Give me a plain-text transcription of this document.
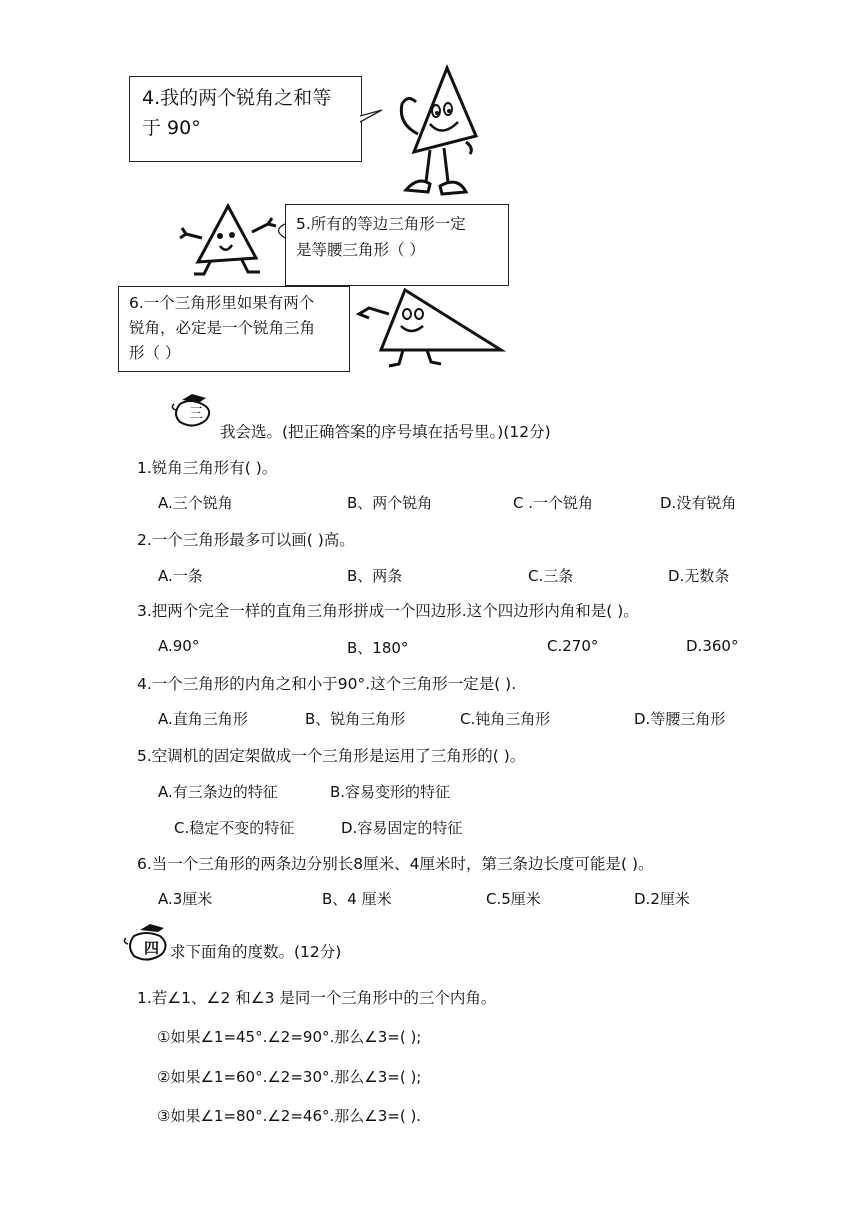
4.我的两个锐角之和等
于 90°
5.所有的等边三角形一定
是等腰三角形（ ）
6.一个三角形里如果有两个
锐角，必定是一个锐角三角
形（ ）
三
我会选。(把正确答案的序号填在括号里。)(12分)
1.锐角三角形有( )。
A.三个锐角	B、两个锐角	C .一个锐角	D.没有锐角
2.一个三角形最多可以画( )高。
A.一条	B、两条	C.三条	D.无数条
3.把两个完全一样的直角三角形拼成一个四边形.这个四边形内角和是( )。
A.90°	B、180°	C.270°	D.360°
4.一个三角形的内角之和小于90°.这个三角形一定是( ).
A.直角三角形	B、锐角三角形	C.钝角三角形	D.等腰三角形
5.空调机的固定架做成一个三角形是运用了三角形的( )。
A.有三条边的特征	B.容易变形的特征
C.稳定不变的特征	D.容易固定的特征
6.当一个三角形的两条边分别长8厘米、4厘米时，第三条边长度可能是( )。
A.3厘米	B、4 厘米	C.5厘米	D.2厘米
四 求下面角的度数。(12分)
1.若∠1、∠2 和∠3 是同一个三角形中的三个内角。
①如果∠1=45°.∠2=90°.那么∠3=( );
②如果∠1=60°.∠2=30°.那么∠3=( );
③如果∠1=80°.∠2=46°.那么∠3=( ).
